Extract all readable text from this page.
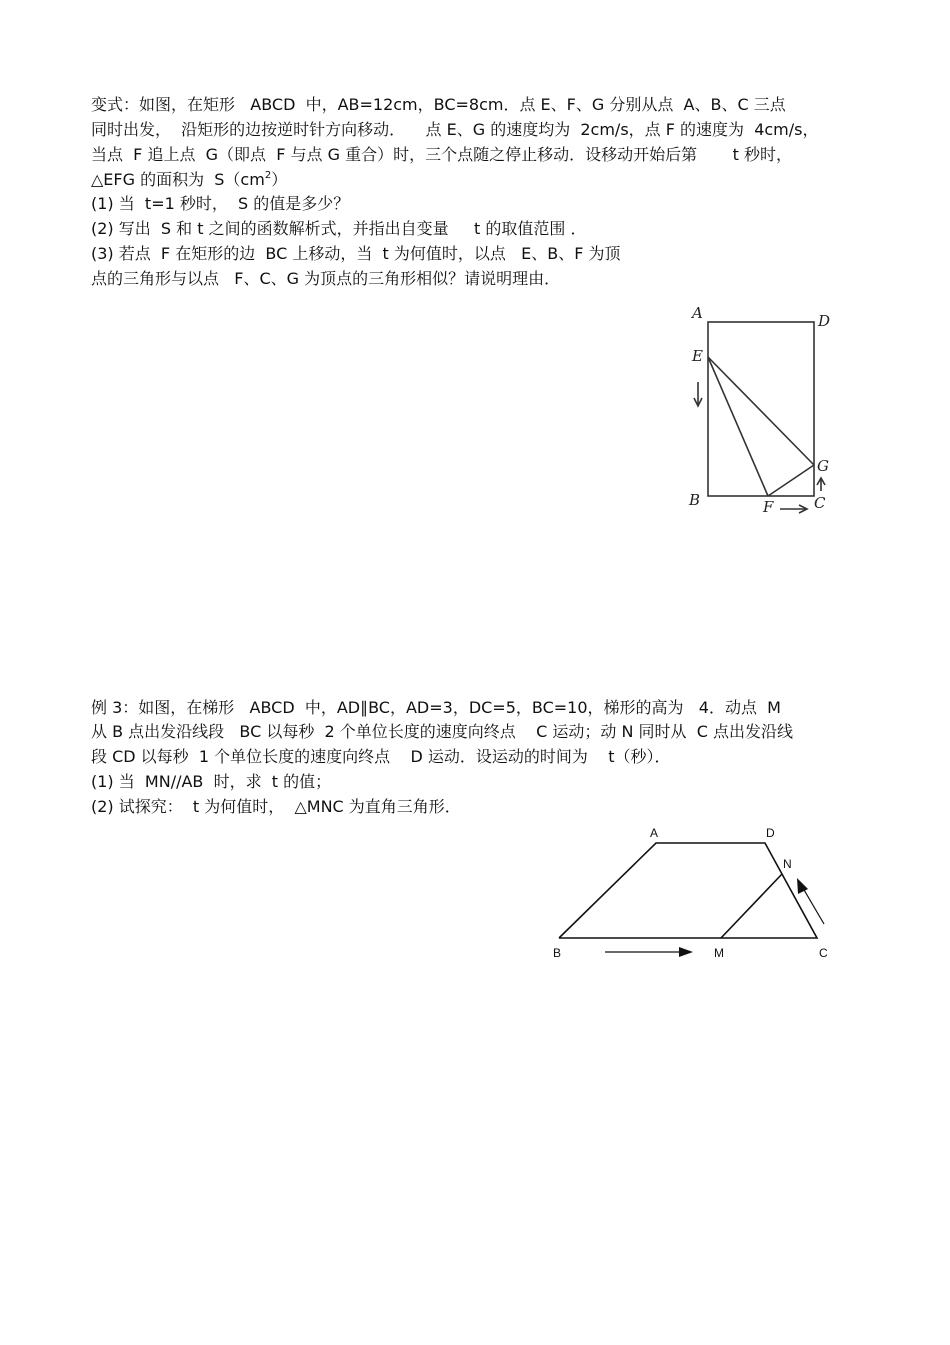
变式：如图，在矩形   ABCD  中，AB=12cm，BC=8cm．点 E、F、G 分别从点  A、B、C 三点
同时出发，  沿矩形的边按逆时针方向移动．    点 E、G 的速度均为  2cm/s，点 F 的速度为  4cm/s，
当点  F 追上点  G（即点  F 与点 G 重合）时，三个点随之停止移动．设移动开始后第       t 秒时，
△EFG 的面积为  $S(cm^2)$
(1) 当  t=1 秒时，  S 的值是多少？
(2) 写出  S 和 t 之间的函数解析式，并指出自变量     t 的取值范围 ．
(3) 若点  F 在矩形的边  BC 上移动，当  t 为何值时，以点   E、B、F 为顶
点的三角形与以点   F、C、G 为顶点的三角形相似？请说明理由．
A	D
E
G
B	F	C
例 3：如图，在梯形   ABCD  中，AD∥BC，AD=3，DC=5，BC=10，梯形的高为   4．动点  M
从 B 点出发沿线段   BC 以每秒  2 个单位长度的速度向终点    C 运动；动 N 同时从  C 点出发沿线
段 CD 以每秒  1 个单位长度的速度向终点    D 运动．设运动的时间为    t（秒）．
(1) 当  MN//AB  时，求  t 的值；
(2) 试探究：  t 为何值时，  △MNC 为直角三角形．
A	D
N
B	M	C
